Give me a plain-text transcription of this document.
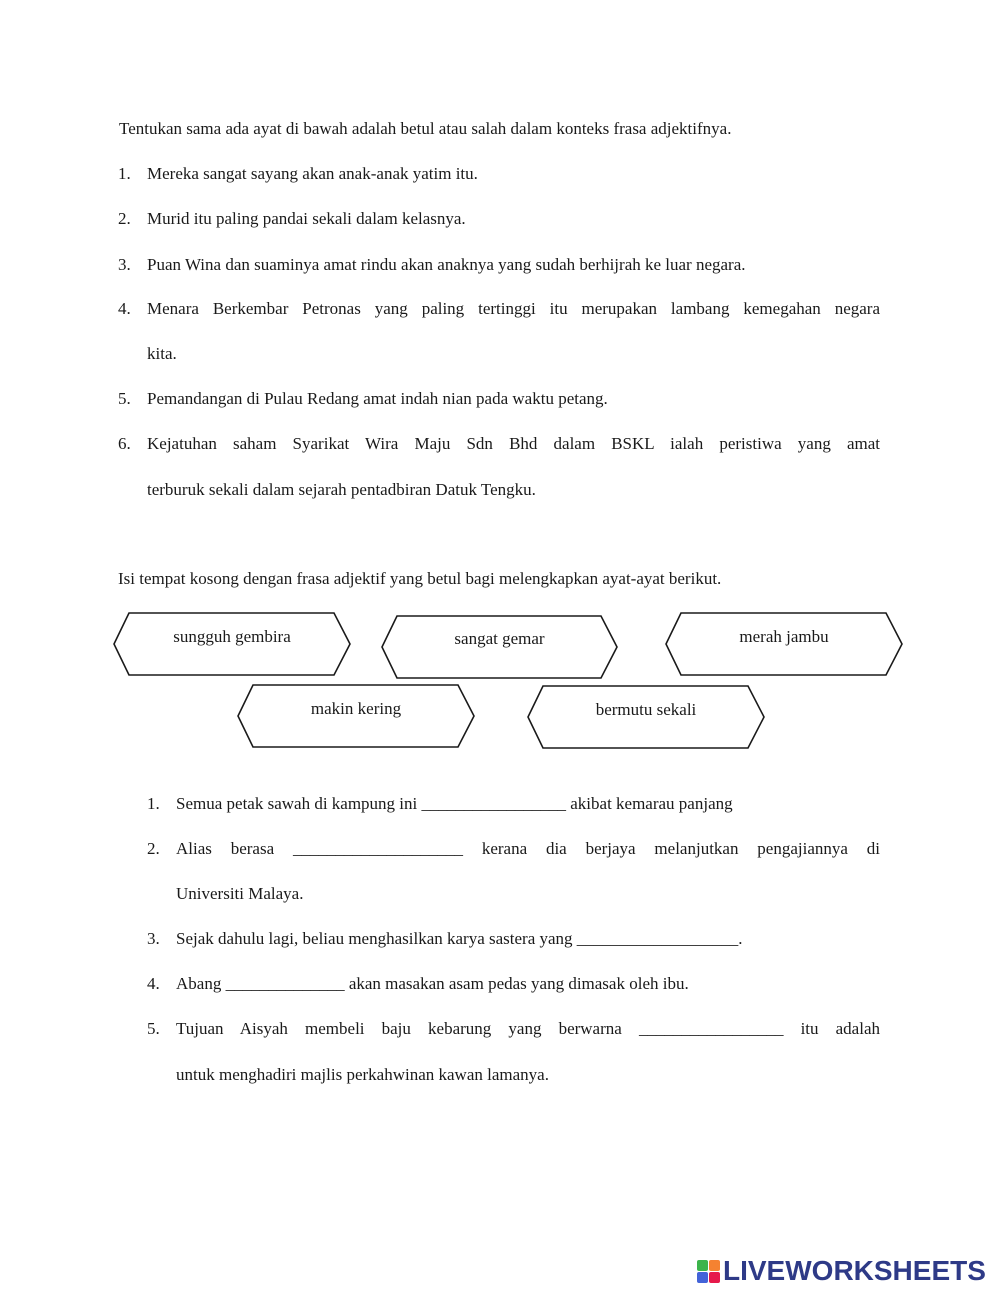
Tentukan sama ada ayat di bawah adalah betul atau salah dalam konteks frasa adjektifnya.
1. Mereka sangat sayang akan anak-anak yatim itu.
2. Murid itu paling pandai sekali dalam kelasnya.
3. Puan Wina dan suaminya amat rindu akan anaknya yang sudah berhijrah ke luar negara.
4. Menara Berkembar Petronas yang paling tertinggi itu merupakan lambang kemegahan negara
kita.
5. Pemandangan di Pulau Redang amat indah nian pada waktu petang.
6. Kejatuhan saham Syarikat Wira Maju Sdn Bhd dalam BSKL ialah peristiwa yang amat
terburuk sekali dalam sejarah pentadbiran Datuk Tengku.
Isi tempat kosong dengan frasa adjektif yang betul bagi melengkapkan ayat-ayat berikut.
sungguh gembira	sangat gemar	merah jambu
makin kering	bermutu sekali
1. Semua petak sawah di kampung ini _________________ akibat kemarau panjang
2. Alias berasa ____________________ kerana dia berjaya melanjutkan pengajiannya di
Universiti Malaya.
3. Sejak dahulu lagi, beliau menghasilkan karya sastera yang ___________________.
4. Abang ______________ akan masakan asam pedas yang dimasak oleh ibu.
5. Tujuan Aisyah membeli baju kebarung yang berwarna _________________ itu adalah
untuk menghadiri majlis perkahwinan kawan lamanya.
LIVEWORKSHEETS
